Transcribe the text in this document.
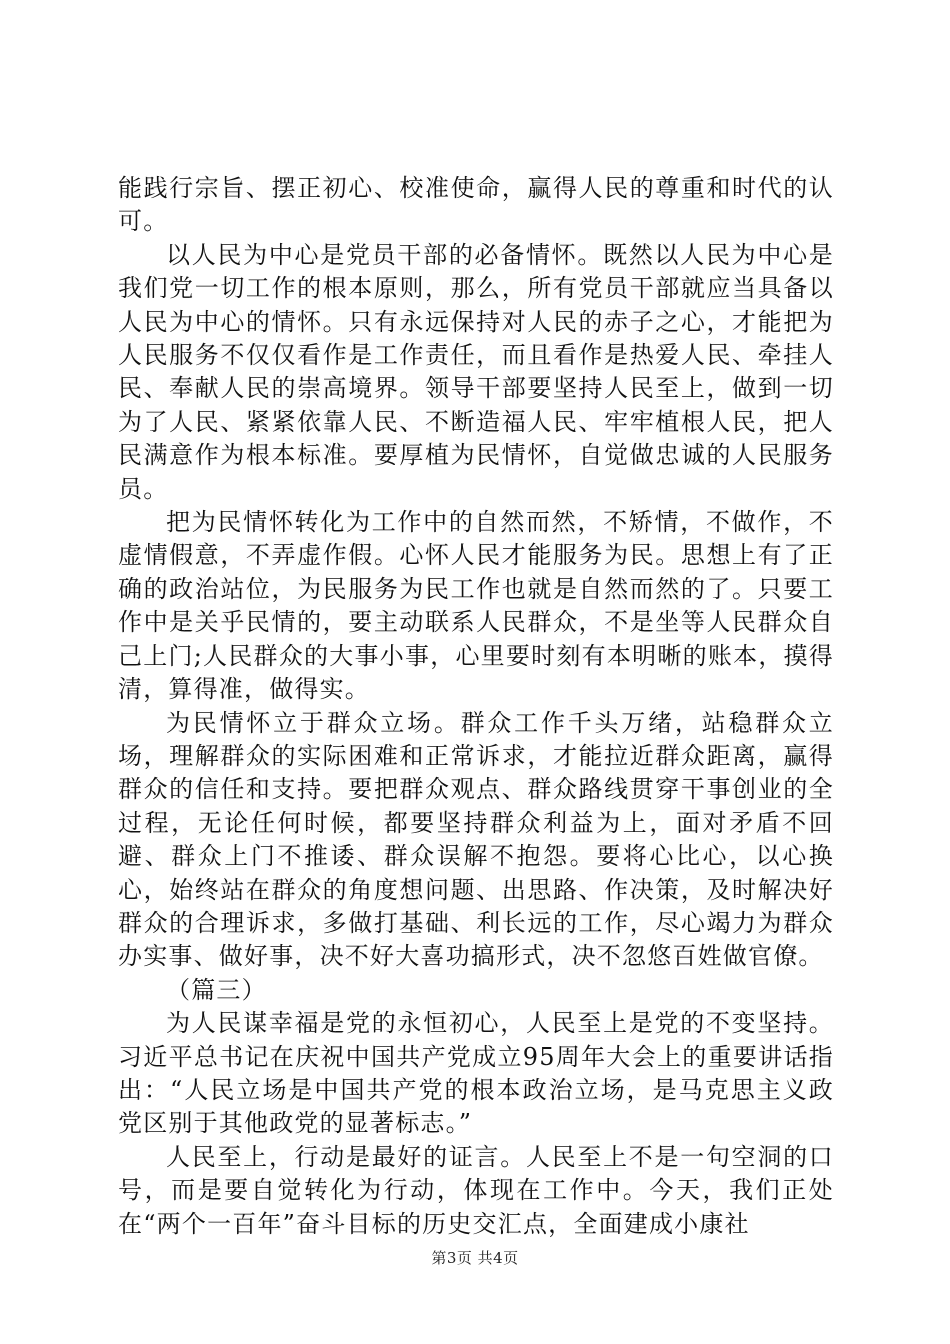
能践行宗旨、摆正初心、校准使命，赢得人民的尊重和时代的认可。

以人民为中心是党员干部的必备情怀。既然以人民为中心是我们党一切工作的根本原则，那么，所有党员干部就应当具备以人民为中心的情怀。只有永远保持对人民的赤子之心，才能把为人民服务不仅仅看作是工作责任，而且看作是热爱人民、牵挂人民、奉献人民的崇高境界。领导干部要坚持人民至上，做到一切为了人民、紧紧依靠人民、不断造福人民、牢牢植根人民，把人民满意作为根本标准。要厚植为民情怀，自觉做忠诚的人民服务员。

把为民情怀转化为工作中的自然而然，不矫情，不做作，不虚情假意，不弄虚作假。心怀人民才能服务为民。思想上有了正确的政治站位，为民服务为民工作也就是自然而然的了。只要工作中是关乎民情的，要主动联系人民群众，不是坐等人民群众自己上门;人民群众的大事小事，心里要时刻有本明晰的账本，摸得清，算得准，做得实。

为民情怀立于群众立场。群众工作千头万绪，站稳群众立场，理解群众的实际困难和正常诉求，才能拉近群众距离，赢得群众的信任和支持。要把群众观点、群众路线贯穿干事创业的全过程，无论任何时候，都要坚持群众利益为上，面对矛盾不回避、群众上门不推诿、群众误解不抱怨。要将心比心，以心换心，始终站在群众的角度想问题、出思路、作决策，及时解决好群众的合理诉求，多做打基础、利长远的工作，尽心竭力为群众办实事、做好事，决不好大喜功搞形式，决不忽悠百姓做官僚。

（篇三）

为人民谋幸福是党的永恒初心，人民至上是党的不变坚持。习近平总书记在庆祝中国共产党成立95周年大会上的重要讲话指出：“人民立场是中国共产党的根本政治立场，是马克思主义政党区别于其他政党的显著标志。”

人民至上，行动是最好的证言。人民至上不是一句空洞的口号，而是要自觉转化为行动，体现在工作中。今天，我们正处在“两个一百年”奋斗目标的历史交汇点，全面建成小康社

第3页 共4页
